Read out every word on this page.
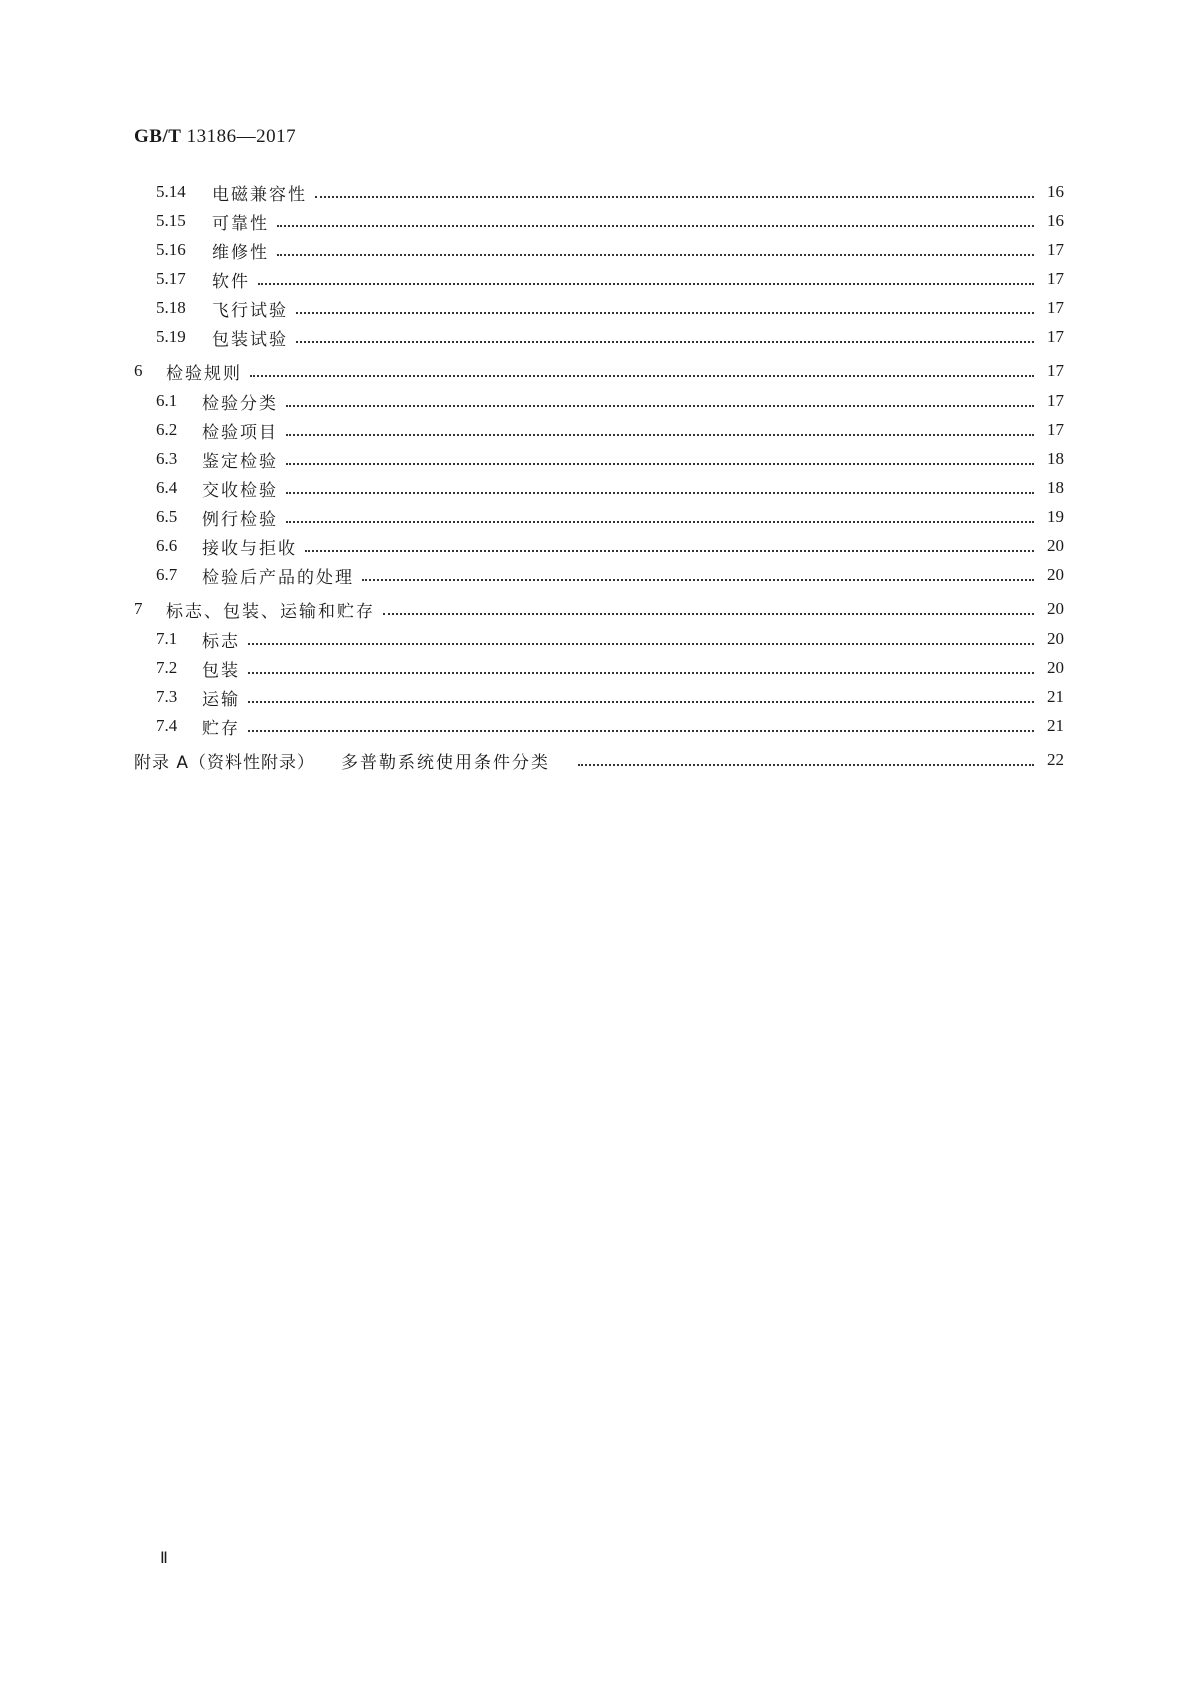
GB/T 13186—2017
5.14	电磁兼容性	16
5.15	可靠性	16
5.16	维修性	17
5.17	软件	17
5.18	飞行试验	17
5.19	包装试验	17
6	检验规则	17
6.1	检验分类	17
6.2	检验项目	17
6.3	鉴定检验	18
6.4	交收检验	18
6.5	例行检验	19
6.6	接收与拒收	20
6.7	检验后产品的处理	20
7	标志、包装、运输和贮存	20
7.1	标志	20
7.2	包装	20
7.3	运输	21
7.4	贮存	21
附录 A（资料性附录） 多普勒系统使用条件分类	22
Ⅱ
